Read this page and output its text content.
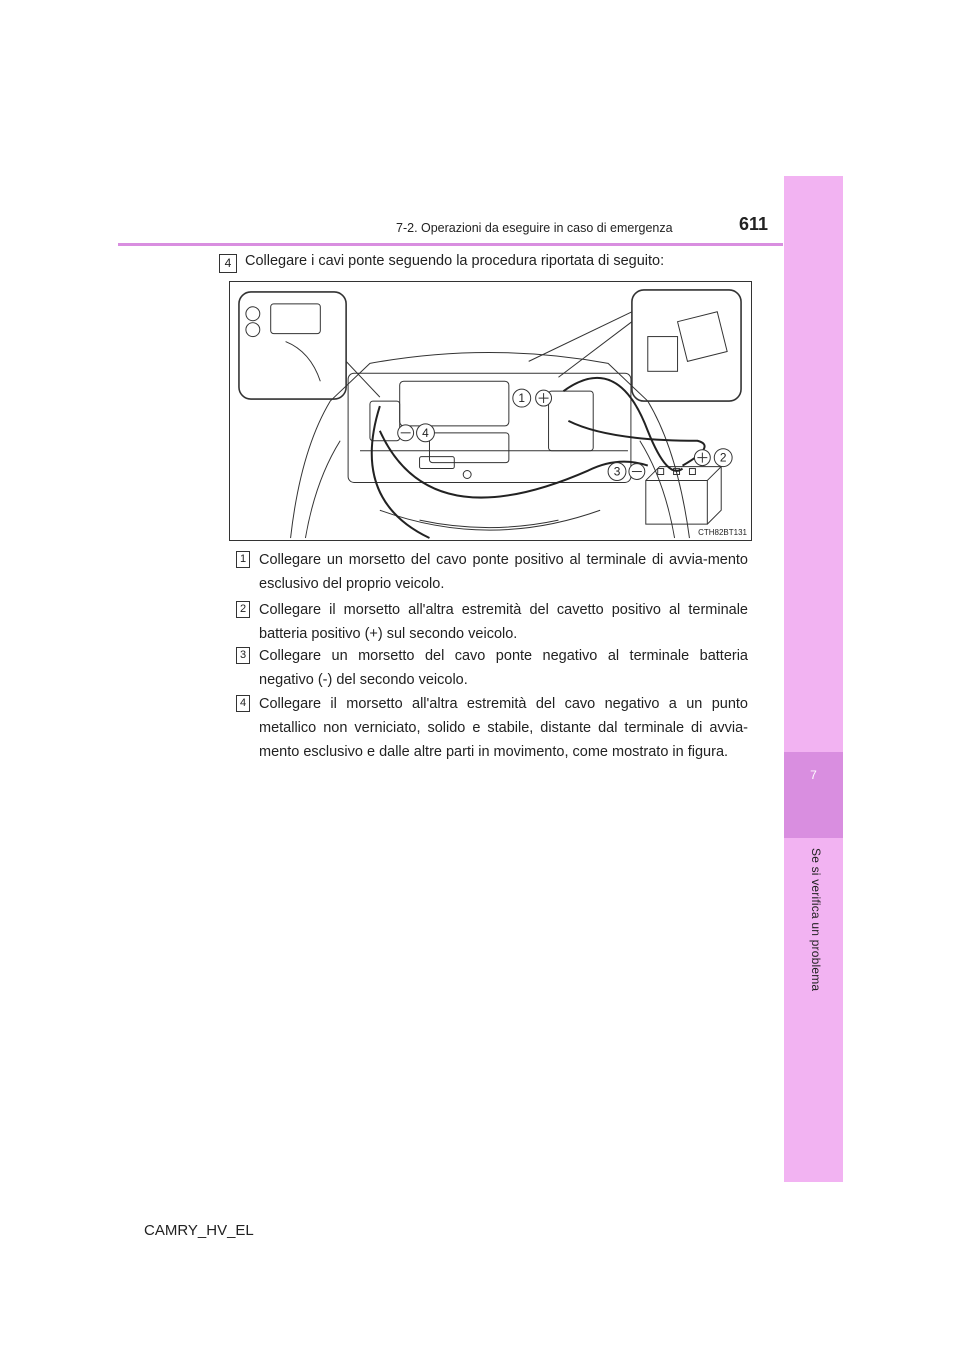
7
Se si verifica un problema
7-2. Operazioni da eseguire in caso di emergenza	611
4 Collegare i cavi ponte seguendo la procedura riportata di seguito:
1
2
3
4
CTH82BT131
1 Collegare un morsetto del cavo ponte positivo al terminale di avvia-mento esclusivo del proprio veicolo.
2 Collegare il morsetto all'altra estremità del cavetto positivo al terminale batteria positivo (+) sul secondo veicolo.
3 Collegare un morsetto del cavo ponte negativo al terminale batteria negativo (-) del secondo veicolo.
4 Collegare il morsetto all'altra estremità del cavo negativo a un punto metallico non verniciato, solido e stabile, distante dal terminale di avvia-mento esclusivo e dalle altre parti in movimento, come mostrato in figura.
CAMRY_HV_EL
